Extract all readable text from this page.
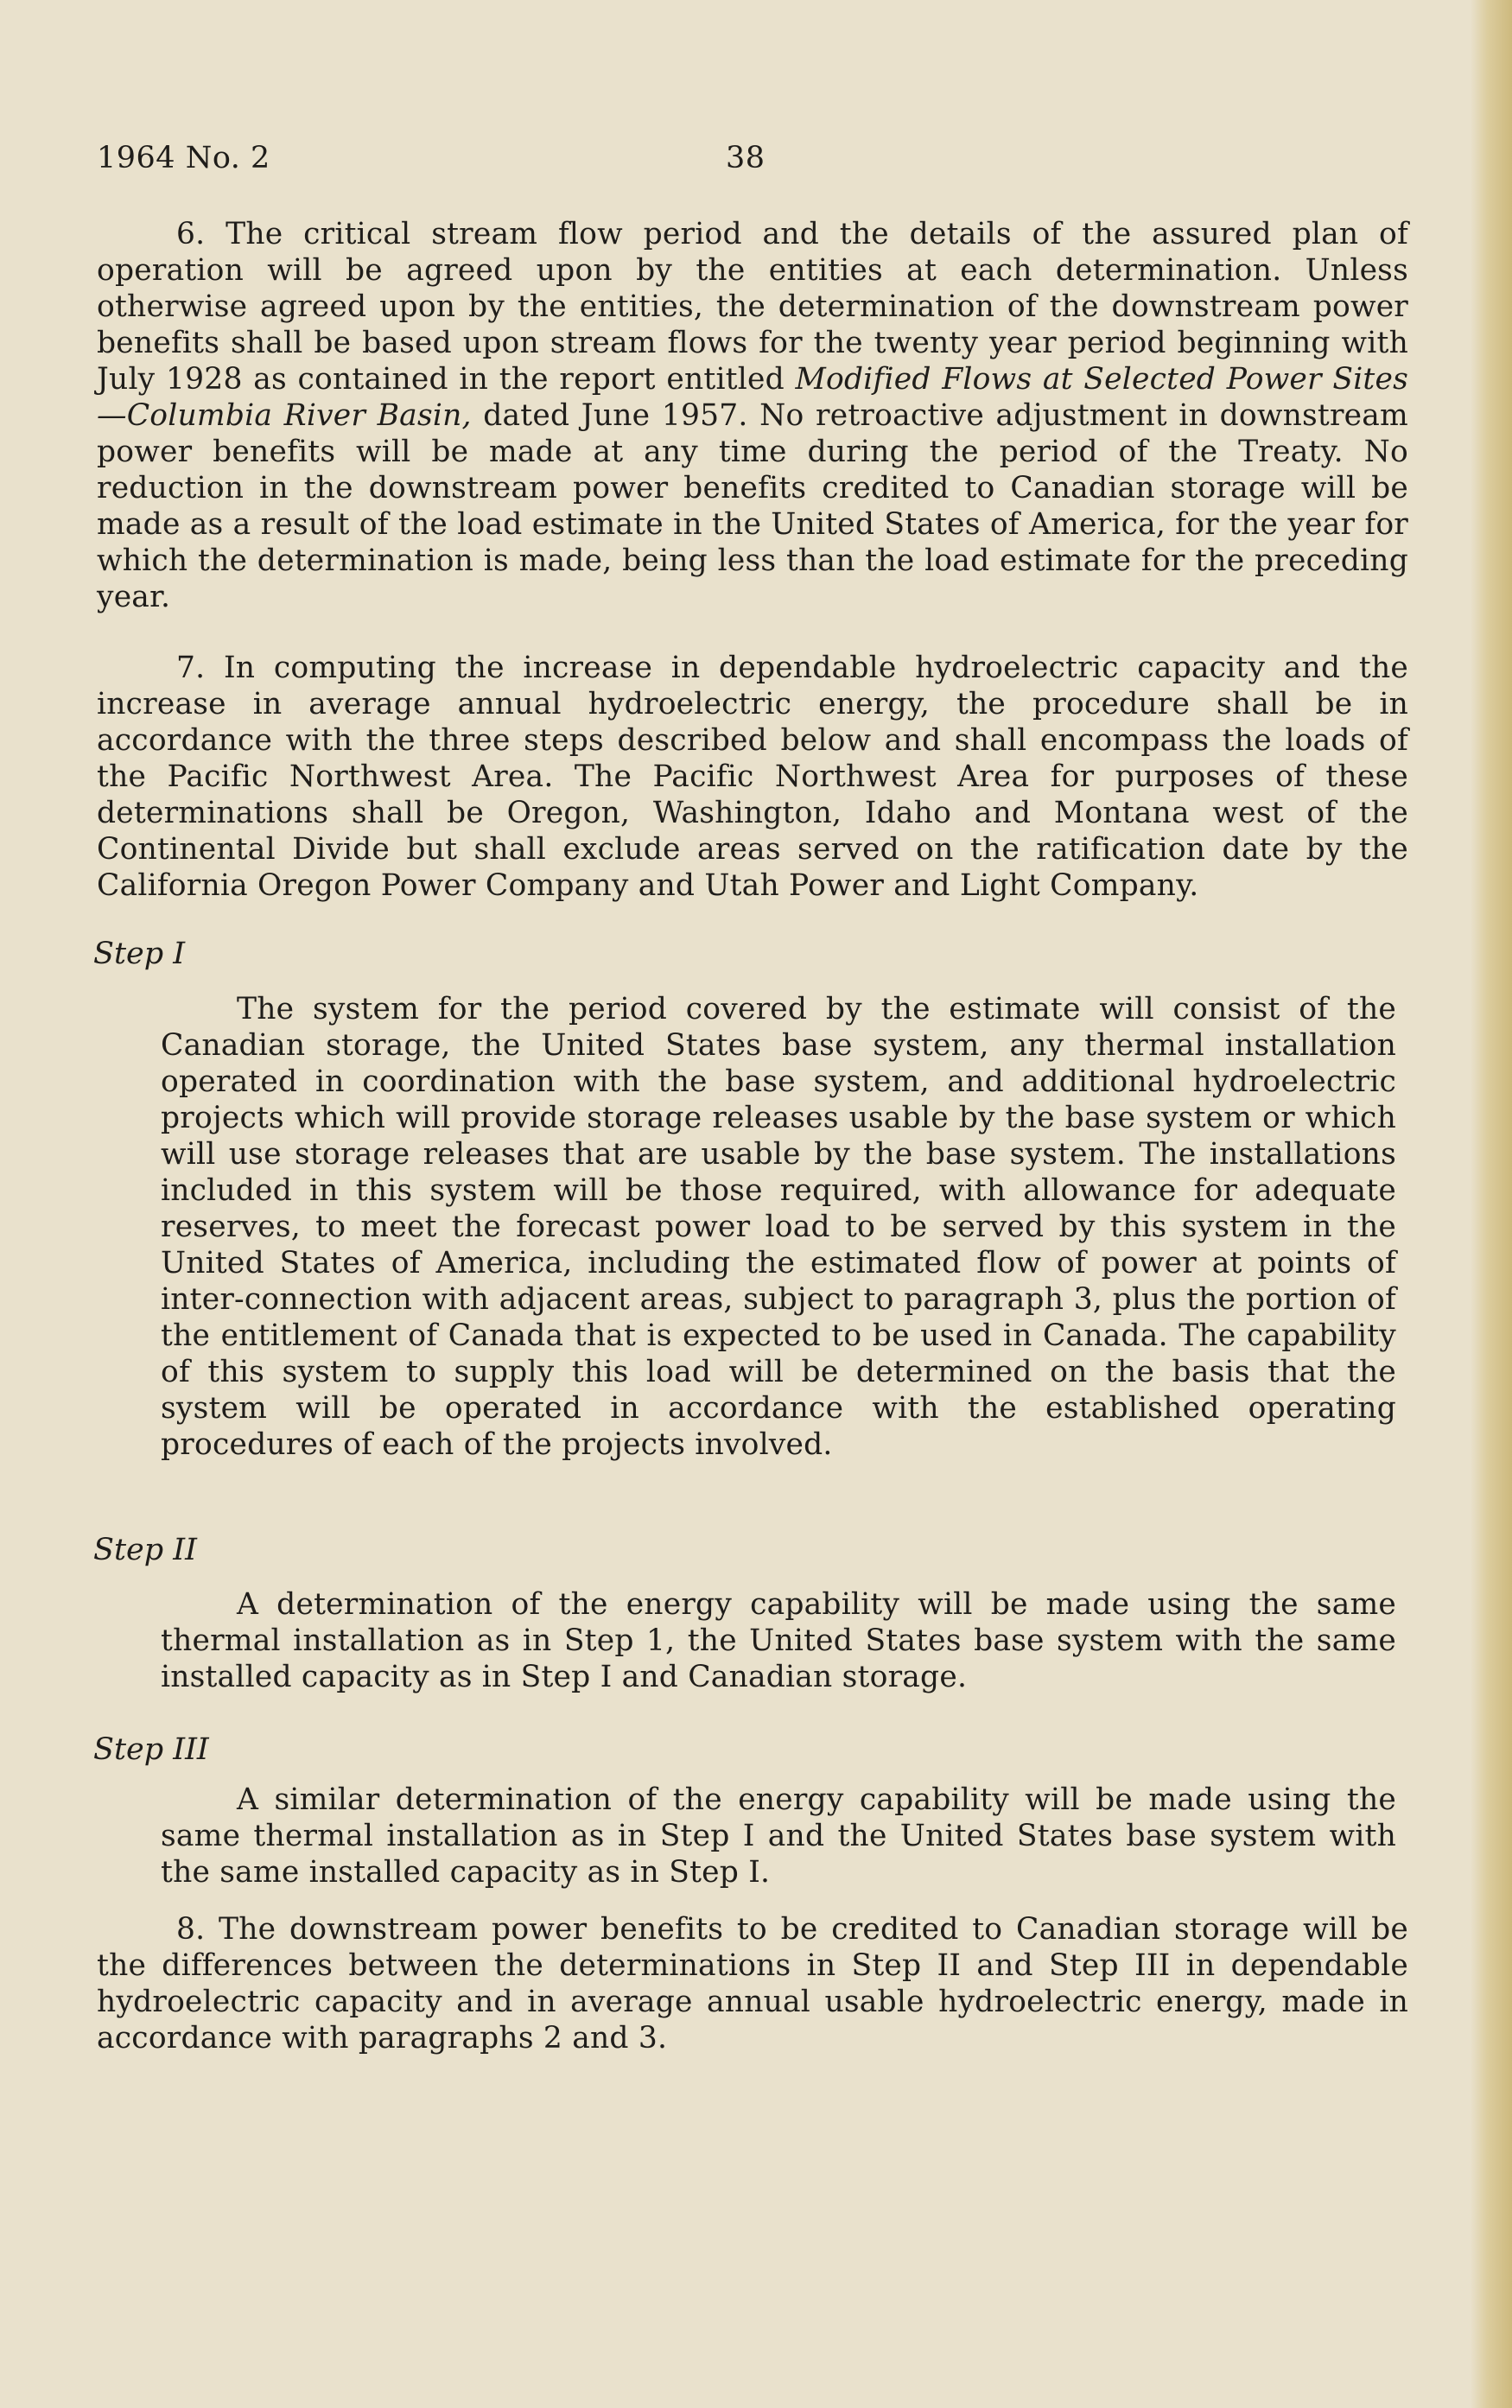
1964 No. 2	38

6. The critical stream flow period and the details of the assured plan of operation will be agreed upon by the entities at each determination. Unless otherwise agreed upon by the entities, the determination of the downstream power benefits shall be based upon stream flows for the twenty year period beginning with July 1928 as contained in the report entitled Modified Flows at Selected Power Sites—Columbia River Basin, dated June 1957. No retroactive adjustment in downstream power benefits will be made at any time during the period of the Treaty. No reduction in the downstream power benefits credited to Canadian storage will be made as a result of the load estimate in the United States of America, for the year for which the determination is made, being less than the load estimate for the preceding year.

7. In computing the increase in dependable hydroelectric capacity and the increase in average annual hydroelectric energy, the procedure shall be in accordance with the three steps described below and shall encompass the loads of the Pacific Northwest Area. The Pacific Northwest Area for purposes of these determinations shall be Oregon, Washington, Idaho and Montana west of the Continental Divide but shall exclude areas served on the ratification date by the California Oregon Power Company and Utah Power and Light Company.

Step I

The system for the period covered by the estimate will consist of the Canadian storage, the United States base system, any thermal installation operated in coordination with the base system, and additional hydroelectric projects which will provide storage releases usable by the base system or which will use storage releases that are usable by the base system. The installations included in this system will be those required, with allowance for adequate reserves, to meet the forecast power load to be served by this system in the United States of America, including the estimated flow of power at points of inter-connection with adjacent areas, subject to paragraph 3, plus the portion of the entitlement of Canada that is expected to be used in Canada. The capability of this system to supply this load will be determined on the basis that the system will be operated in accordance with the established operating procedures of each of the projects involved.

Step II

A determination of the energy capability will be made using the same thermal installation as in Step 1, the United States base system with the same installed capacity as in Step I and Canadian storage.

Step III

A similar determination of the energy capability will be made using the same thermal installation as in Step I and the United States base system with the same installed capacity as in Step I.

8. The downstream power benefits to be credited to Canadian storage will be the differences between the determinations in Step II and Step III in dependable hydroelectric capacity and in average annual usable hydroelectric energy, made in accordance with paragraphs 2 and 3.
